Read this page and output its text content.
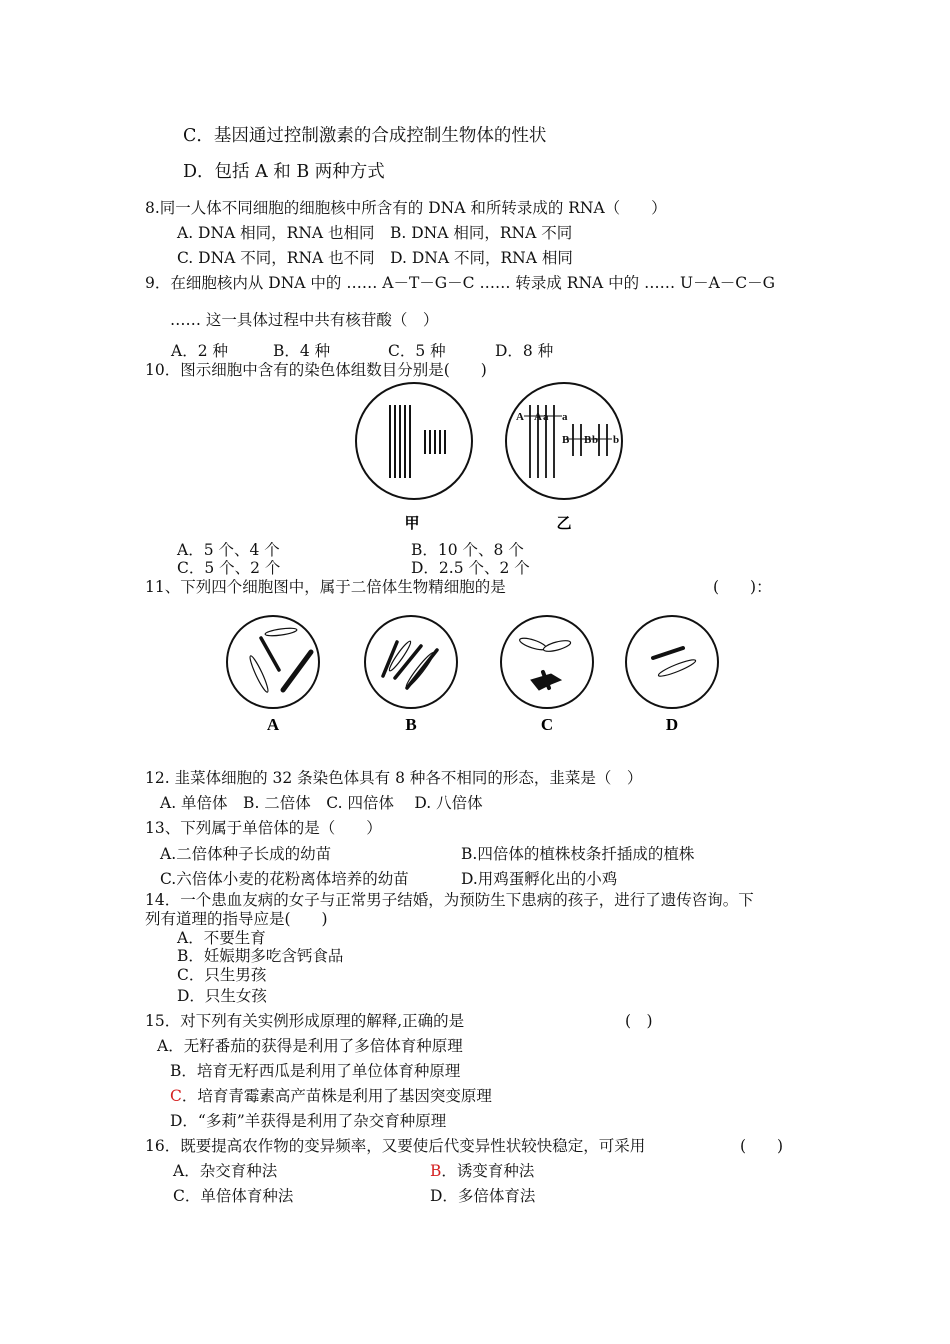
C．基因通过控制激素的合成控制生物体的性状
D．包括 A 和 B 两种方式
8.同一人体不同细胞的细胞核中所含有的 DNA 和所转录成的 RNA（　　）
A. DNA 相同，RNA 也相同　B. DNA 相同，RNA 不同
C. DNA 不同，RNA 也不同　D. DNA 不同，RNA 相同
9．在细胞核内从 DNA 中的 …… A－T－G－C …… 转录成 RNA 中的 …… U－A－C－G
…… 这一具体过程中共有核苷酸（　）
A．2 种	B．4 种	C．5 种	D．8 种
10．图示细胞中含有的染色体组数目分别是(　　)
甲
A A a a
B B b b
乙
A．5 个、4 个	B．10 个、8 个
C．5 个、2 个	D．2.5 个、2 个
11、下列四个细胞图中，属于二倍体生物精细胞的是	(　　)：
A	B	C	D
12. 韭菜体细胞的 32 条染色体具有 8 种各不相同的形态，韭菜是（　）
A. 单倍体　B. 二倍体　C. 四倍体　 D. 八倍体
13、下列属于单倍体的是（　　）
A.二倍体种子长成的幼苗	B.四倍体的植株枝条扦插成的植株
C.六倍体小麦的花粉离体培养的幼苗	D.用鸡蛋孵化出的小鸡
14．一个患血友病的女子与正常男子结婚，为预防生下患病的孩子，进行了遗传咨询。下
列有道理的指导应是(　　)
A．不要生育
B．妊娠期多吃含钙食品
C．只生男孩
D．只生女孩
15．对下列有关实例形成原理的解释,正确的是	(　)
A．无籽番茄的获得是利用了多倍体育种原理
B．培育无籽西瓜是利用了单位体育种原理
C．培育青霉素高产苗株是利用了基因突变原理
D．“多莉”羊获得是利用了杂交育种原理
16．既要提高农作物的变异频率，又要使后代变异性状较快稳定，可采用	(　　)
A．杂交育种法	B．诱变育种法
C．单倍体育种法	D．多倍体育法
